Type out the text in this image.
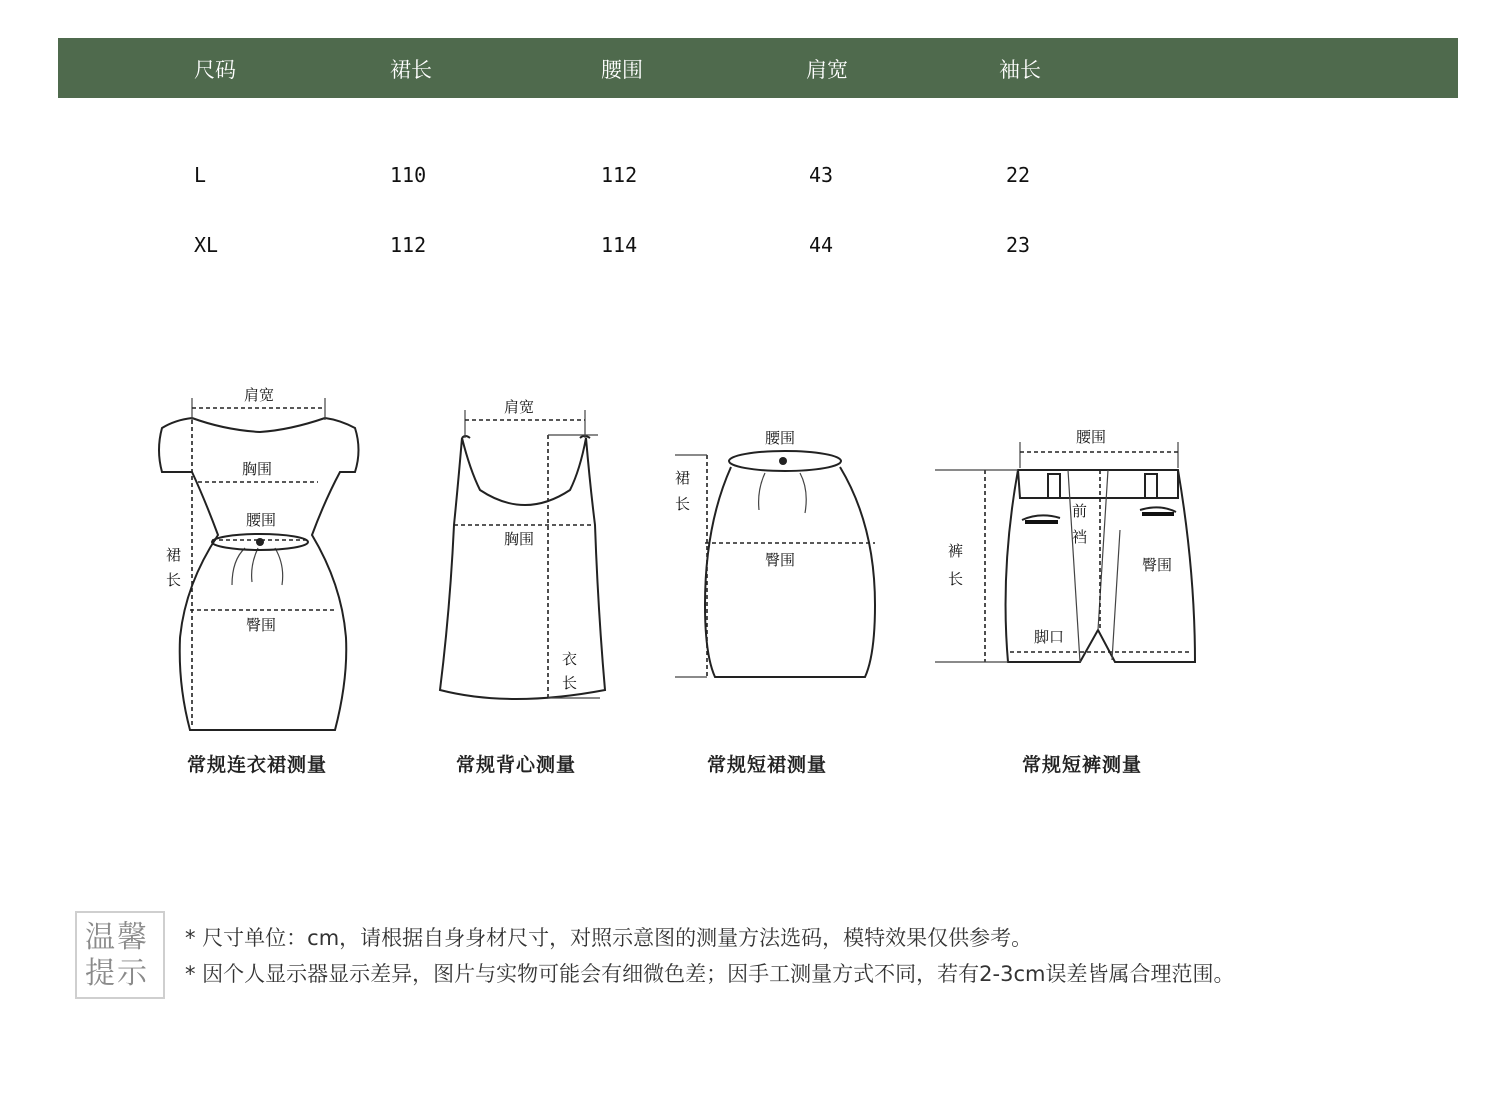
尺码	裙长	腰围	肩宽	袖长
L	110	112	43	22
XL	112	114	44	23
肩宽
胸围
腰围
臀围
裙
长
常规连衣裙测量
肩宽
胸围
衣
长
常规背心测量
腰围
臀围
裙
长
常规短裙测量
腰围
前
裆
臀围
脚口
裤
长
常规短裤测量
温馨
提示
* 尺寸单位：cm，请根据自身身材尺寸，对照示意图的测量方法选码，模特效果仅供参考。
* 因个人显示器显示差异，图片与实物可能会有细微色差；因手工测量方式不同，若有2-3cm误差皆属合理范围。
